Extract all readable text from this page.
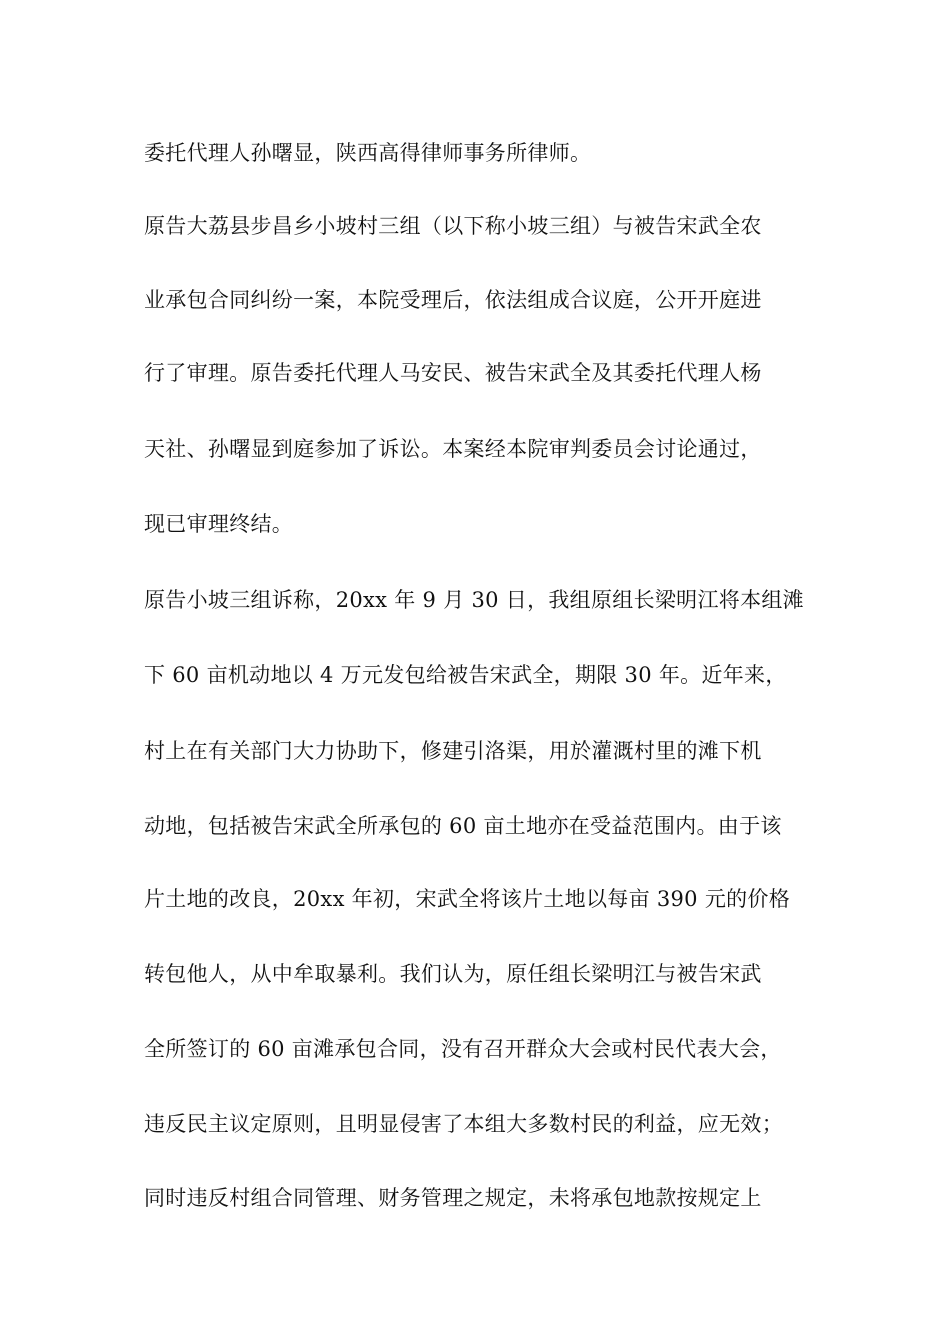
委托代理人孙曙显，陕西高得律师事务所律师。
原告大荔县步昌乡小坡村三组（以下称小坡三组）与被告宋武全农
业承包合同纠纷一案，本院受理后，依法组成合议庭，公开开庭进
行了审理。原告委托代理人马安民、被告宋武全及其委托代理人杨
天社、孙曙显到庭参加了诉讼。本案经本院审判委员会讨论通过，
现已审理终结。
原告小坡三组诉称，20xx 年 9 月 30 日，我组原组长梁明江将本组滩
下 60 亩机动地以 4 万元发包给被告宋武全，期限 30 年。近年来，
村上在有关部门大力协助下，修建引洛渠，用於灌溉村里的滩下机
动地，包括被告宋武全所承包的 60 亩土地亦在受益范围内。由于该
片土地的改良，20xx 年初，宋武全将该片土地以每亩 390 元的价格
转包他人，从中牟取暴利。我们认为，原任组长梁明江与被告宋武
全所签订的 60 亩滩承包合同，没有召开群众大会或村民代表大会，
违反民主议定原则，且明显侵害了本组大多数村民的利益，应无效；
同时违反村组合同管理、财务管理之规定，未将承包地款按规定上
